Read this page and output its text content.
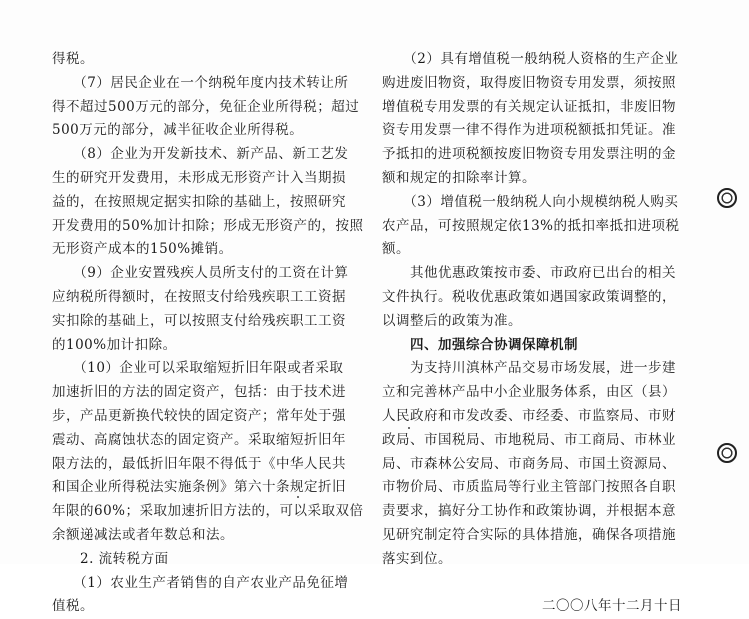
得税。
　　（7）居民企业在一个纳税年度内技术转让所
得不超过500万元的部分，免征企业所得税；超过
500万元的部分，减半征收企业所得税。
　　（8）企业为开发新技术、新产品、新工艺发
生的研究开发费用，未形成无形资产计入当期损
益的，在按照规定据实扣除的基础上，按照研究
开发费用的50%加计扣除；形成无形资产的，按照
无形资产成本的150%摊销。
　　（9）企业安置残疾人员所支付的工资在计算
应纳税所得额时，在按照支付给残疾职工工资据
实扣除的基础上，可以按照支付给残疾职工工资
的100%加计扣除。
　　（10）企业可以采取缩短折旧年限或者采取
加速折旧的方法的固定资产，包括：由于技术进
步，产品更新换代较快的固定资产；常年处于强
震动、高腐蚀状态的固定资产。采取缩短折旧年
限方法的，最低折旧年限不得低于《中华人民共
和国企业所得税法实施条例》第六十条规定折旧
年限的60%；采取加速折旧方法的，可以采取双倍
余额递减法或者年数总和法。
　　2. 流转税方面
　　（1）农业生产者销售的自产农业产品免征增
值税。
　　（2）具有增值税一般纳税人资格的生产企业
购进废旧物资，取得废旧物资专用发票，须按照
增值税专用发票的有关规定认证抵扣，非废旧物
资专用发票一律不得作为进项税额抵扣凭证。准
予抵扣的进项税额按废旧物资专用发票注明的金
额和规定的扣除率计算。
　　（3）增值税一般纳税人向小规模纳税人购买
农产品，可按照规定依13%的抵扣率抵扣进项税
额。
　　其他优惠政策按市委、市政府已出台的相关
文件执行。税收优惠政策如遇国家政策调整的，
以调整后的政策为准。
　　四、加强综合协调保障机制
　　为支持川滇林产品交易市场发展，进一步建
立和完善林产品中小企业服务体系，由区（县）
人民政府和市发改委、市经委、市监察局、市财
政局、市国税局、市地税局、市工商局、市林业
局、市森林公安局、市商务局、市国土资源局、
市物价局、市质监局等行业主管部门按照各自职
责要求，搞好分工协作和政策协调，并根据本意
见研究制定符合实际的具体措施，确保各项措施
落实到位。
二〇〇八年十二月十日
